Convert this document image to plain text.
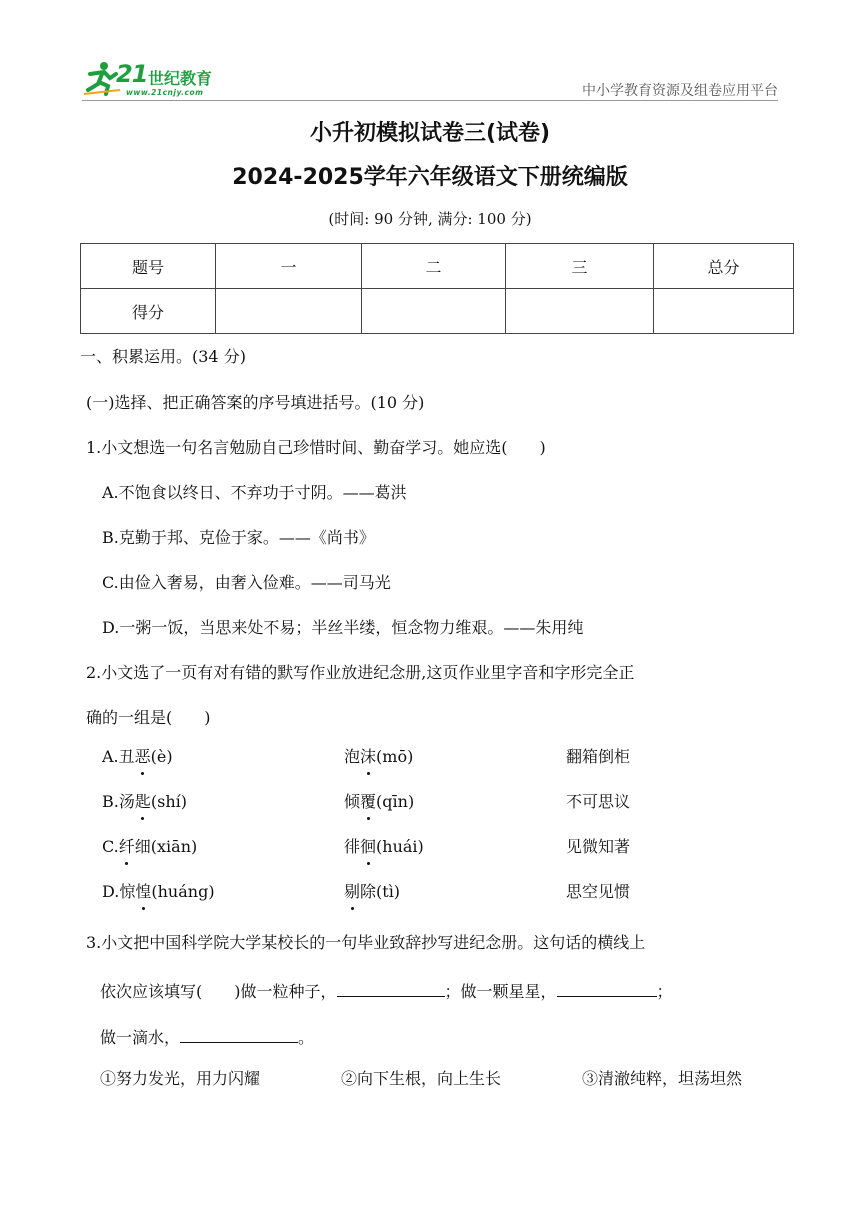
21 世纪教育
www.21cnjy.com	中小学教育资源及组卷应用平台
小升初模拟试卷三(试卷)
2024-2025学年六年级语文下册统编版
(时间: 90 分钟, 满分: 100 分)
题号	一	二	三	总分
得分				
一、积累运用。(34 分)
(一)选择、把正确答案的序号填进括号。(10 分)
1.小文想选一句名言勉励自己珍惜时间、勤奋学习。她应选(　　)
A.不饱食以终日、不弃功于寸阴。——葛洪
B.克勤于邦、克俭于家。——《尚书》
C.由俭入奢易，由奢入俭难。——司马光
D.一粥一饭，当思来处不易；半丝半缕，恒念物力维艰。——朱用纯
2.小文选了一页有对有错的默写作业放进纪念册,这页作业里字音和字形完全正
确的一组是(　　)
A.丑恶(è)	泡沫(mō)	翻箱倒柜
B.汤匙(shí)	倾覆(qīn)	不可思议
C.纤细(xiān)	徘徊(huái)	见微知著
D.惊惶(huáng)	剔除(tì)	思空见惯
3.小文把中国科学院大学某校长的一句毕业致辞抄写进纪念册。这句话的横线上
依次应该填写(　　)做一粒种子，	；做一颗星星，	；
做一滴水，	。
①努力发光，用力闪耀	②向下生根，向上生长	③清澈纯粹，坦荡坦然
